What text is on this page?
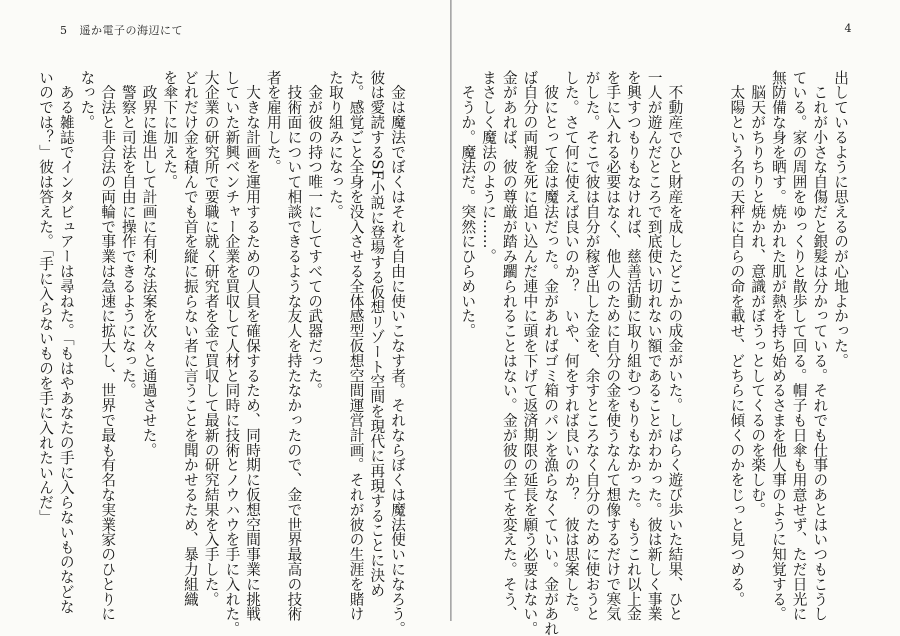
5 遥か電子の海辺にて

　金は魔法でぼくはそれを自由に使いこなす者。それならぼくは魔法使いになろう。

彼は愛読するSF小説に登場する仮想リゾート空間を現代に再現することに決め

た。感覚ごと全身を没入させる全体感型仮想空間運営計画。それが彼の生涯を賭け

た取り組みになった。

　金が彼の持つ唯一にしてすべての武器だった。

　技術面について相談できるような友人を持たなかったので、金で世界最高の技術

者を雇用した。

　大きな計画を運用するための人員を確保するため、同時期に仮想空間事業に挑戦

していた新興ベンチャー企業を買収して人材と同時に技術とノウハウを手に入れた。

大企業の研究所で要職に就く研究者を金で買収して最新の研究結果を入手した。

どれだけ金を積んでも首を縦に振らない者に言うことを聞かせるため、暴力組織

を傘下に加えた。

　政界に進出して計画に有利な法案を次々と通過させた。

　警察と司法を自由に操作できるようになった。

　合法と非合法の両輪で事業は急速に拡大し、世界で最も有名な実業家のひとりに

なった。

　ある雑誌でインタビュアーは尋ねた。「もはやあなたの手に入らないものなどな

いのでは？」彼は答えた。「手に入らないものを手に入れたいんだ」

4

出しているように思えるのが心地よかった。

　これが小さな自傷だと銀髪は分かっている。それでも仕事のあとはいつもこうし

ている。家の周囲をゆっくりと散歩して回る。帽子も日傘も用意せず、ただ日光に

無防備な身を晒す。焼かれた肌が熱を持ち始めるさまを他人事のように知覚する。

　脳天がちりちりと焼かれ、意識がぼうっとしてくるのを楽しむ。

　太陽という名の天秤に自らの命を載せ、どちらに傾くのかをじっと見つめる。

　不動産でひと財産を成したどこかの成金がいた。しばらく遊び歩いた結果、ひと

一人が遊んだところで到底使い切れない額であることがわかった。彼は新しく事業

を興すつもりもなければ、慈善活動に取り組むつもりもなかった。もうこれ以上金

を手に入れる必要はなく、他人のために自分の金を使うなんて想像するだけで寒気

がした。そこで彼は自分が稼ぎ出した金を、余すところなく自分のために使おうと

した。さて何に使えば良いのか？　いや、何をすれば良いのか？　彼は思案した。

　彼にとって金は魔法だった。金があればゴミ箱のパンを漁らなくていい。金があれ

ば自分の両親を死に追い込んだ連中に頭を下げて返済期限の延長を願う必要はない。

金があれば、彼の尊厳が踏み躙られることはない。金が彼の全てを変えた。そう、

まさしく魔法のように……。

　そうか。魔法だ。突然にひらめいた。
